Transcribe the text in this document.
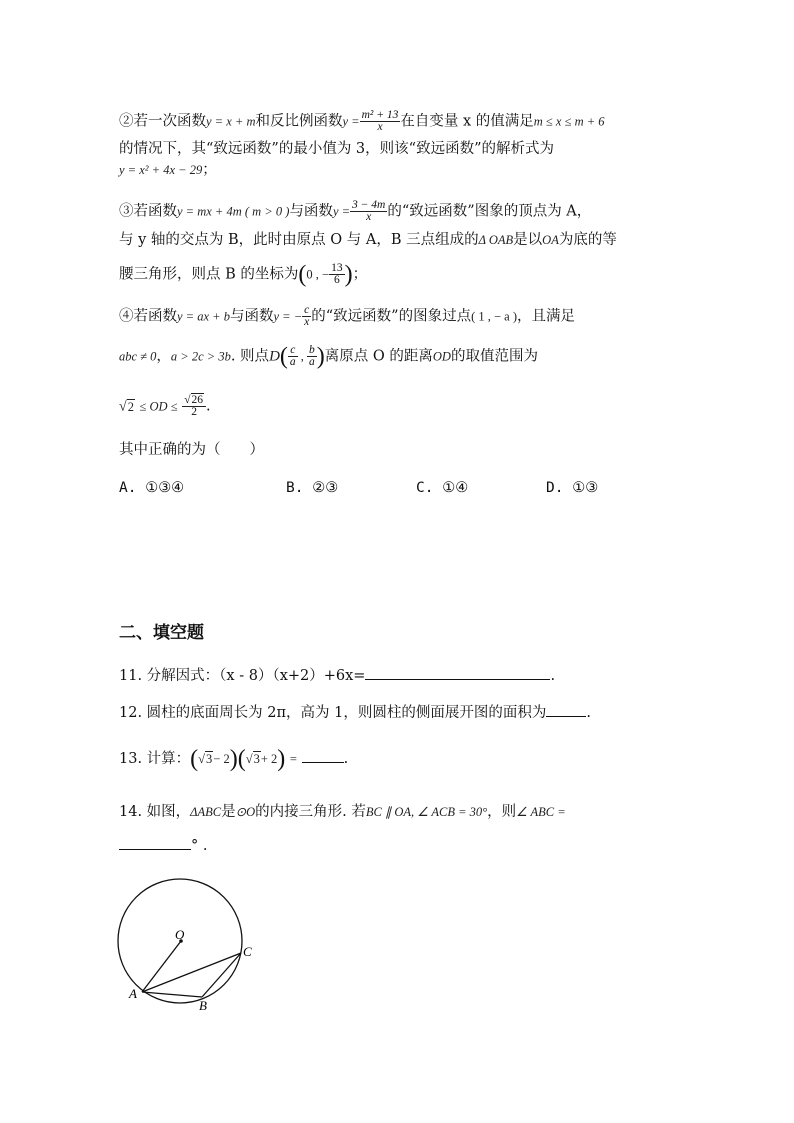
②若一次函数y = x + m和反比例函数$y = \frac{\text{m² + 13}}{x}$ 在自变量 x 的值满足m ≤ x ≤ m + 6
的情况下，其“致远函数”的最小值为 3，则该“致远函数”的解析式为
y = x² + 4x − 29；
③若函数y = mx + 4m ( m > 0 )与函数$y = \frac{3 - 4m}{x}$ 的“致远函数”图象的顶点为 A，
与 y 轴的交点为 B，此时由原点 O 与 A，B 三点组成的Δ OAB是以OA为底的等
腰三角形，则点 B 的坐标为(0 , − $\frac{13}{6}$ )；
④若函数y = ax + b与函数y = − $\frac{c}{x}$ 的“致远函数”的图象过点( 1 , − a )，且满足
abc ≠ 0，a > 2c > 3b. 则点$D( \frac{c}{a}$ , $\frac{b}{a}$ )离原点 O 的距离OD的取值范围为
√2 ≤ OD ≤ $\frac{√26}{2}$ .
其中正确的为（　　）
A. ①③④	B. ②③	C. ①④	D. ①③
二、填空题
11. 分解因式：（x - 8）（x+2）+6x=	.
12. 圆柱的底面周长为 2π，高为 1，则圆柱的侧面展开图的面积为	.
13. 计算：(√3− 2)(√3+ 2) =	.
14. 如图，ΔABC是⊙O的内接三角形. 若BC ∥ OA, ∠ ACB = 30°，则∠ ABC =
° .
O
A
B
C
